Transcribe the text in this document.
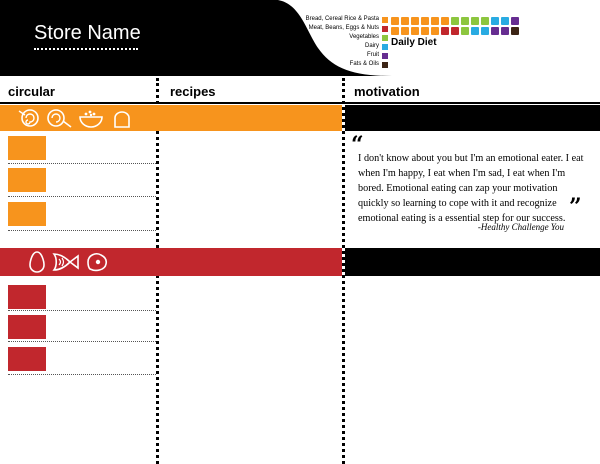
Store Name
Bread, Cereal Rice & Pasta
Meat, Beans, Eggs & Nuts
Vegetables
Dairy
Fruit
Fats & Oils
Daily Diet
circular	recipes	motivation
“
I don't know about you but I'm an emotional eater. I eat when I'm happy, I eat when I'm sad, I eat when I'm bored. Emotional eating can zap your motivation quickly so learning to cope with it and recognize emotional eating is a essential step for our success. ”
-Healthy Challenge You
